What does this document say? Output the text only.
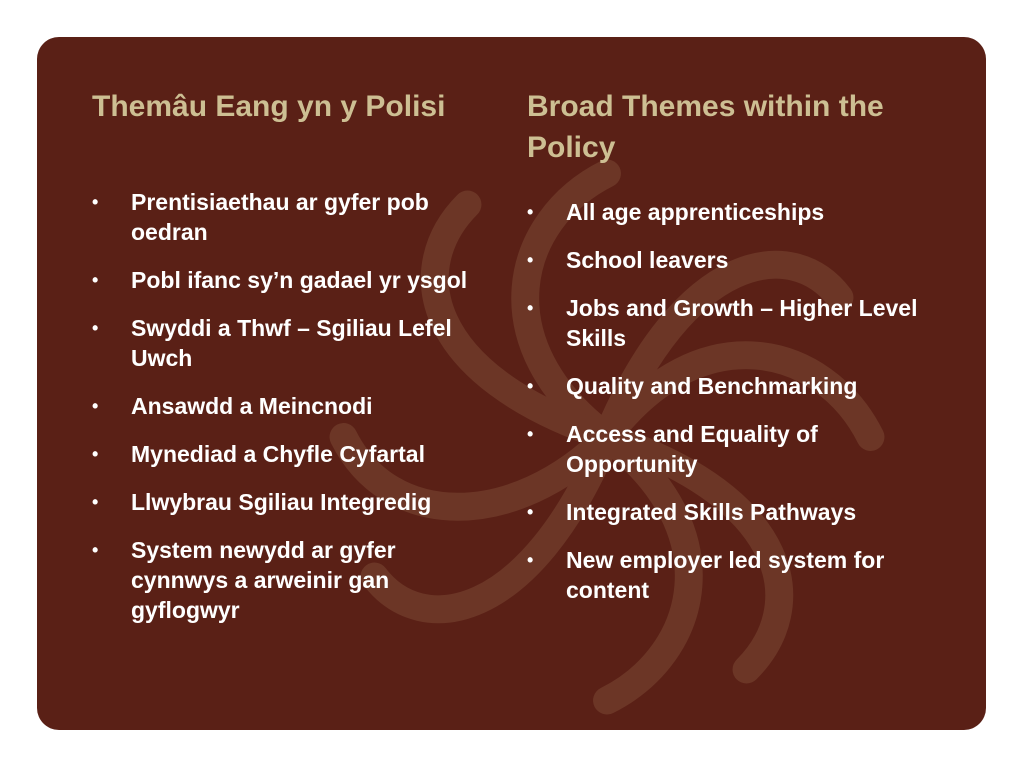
Themâu Eang yn y Polisi
• Prentisiaethau ar gyfer pob oedran
• Pobl ifanc sy’n gadael yr ysgol
• Swyddi a Thwf – Sgiliau Lefel Uwch
• Ansawdd a Meincnodi
• Mynediad a Chyfle Cyfartal
• Llwybrau Sgiliau Integredig
• System newydd ar gyfer cynnwys a arweinir gan gyflogwyr
Broad Themes within the Policy
• All age apprenticeships
• School leavers
• Jobs and Growth – Higher Level Skills
• Quality and Benchmarking
• Access and Equality of Opportunity
• Integrated Skills Pathways
• New employer led system for content
